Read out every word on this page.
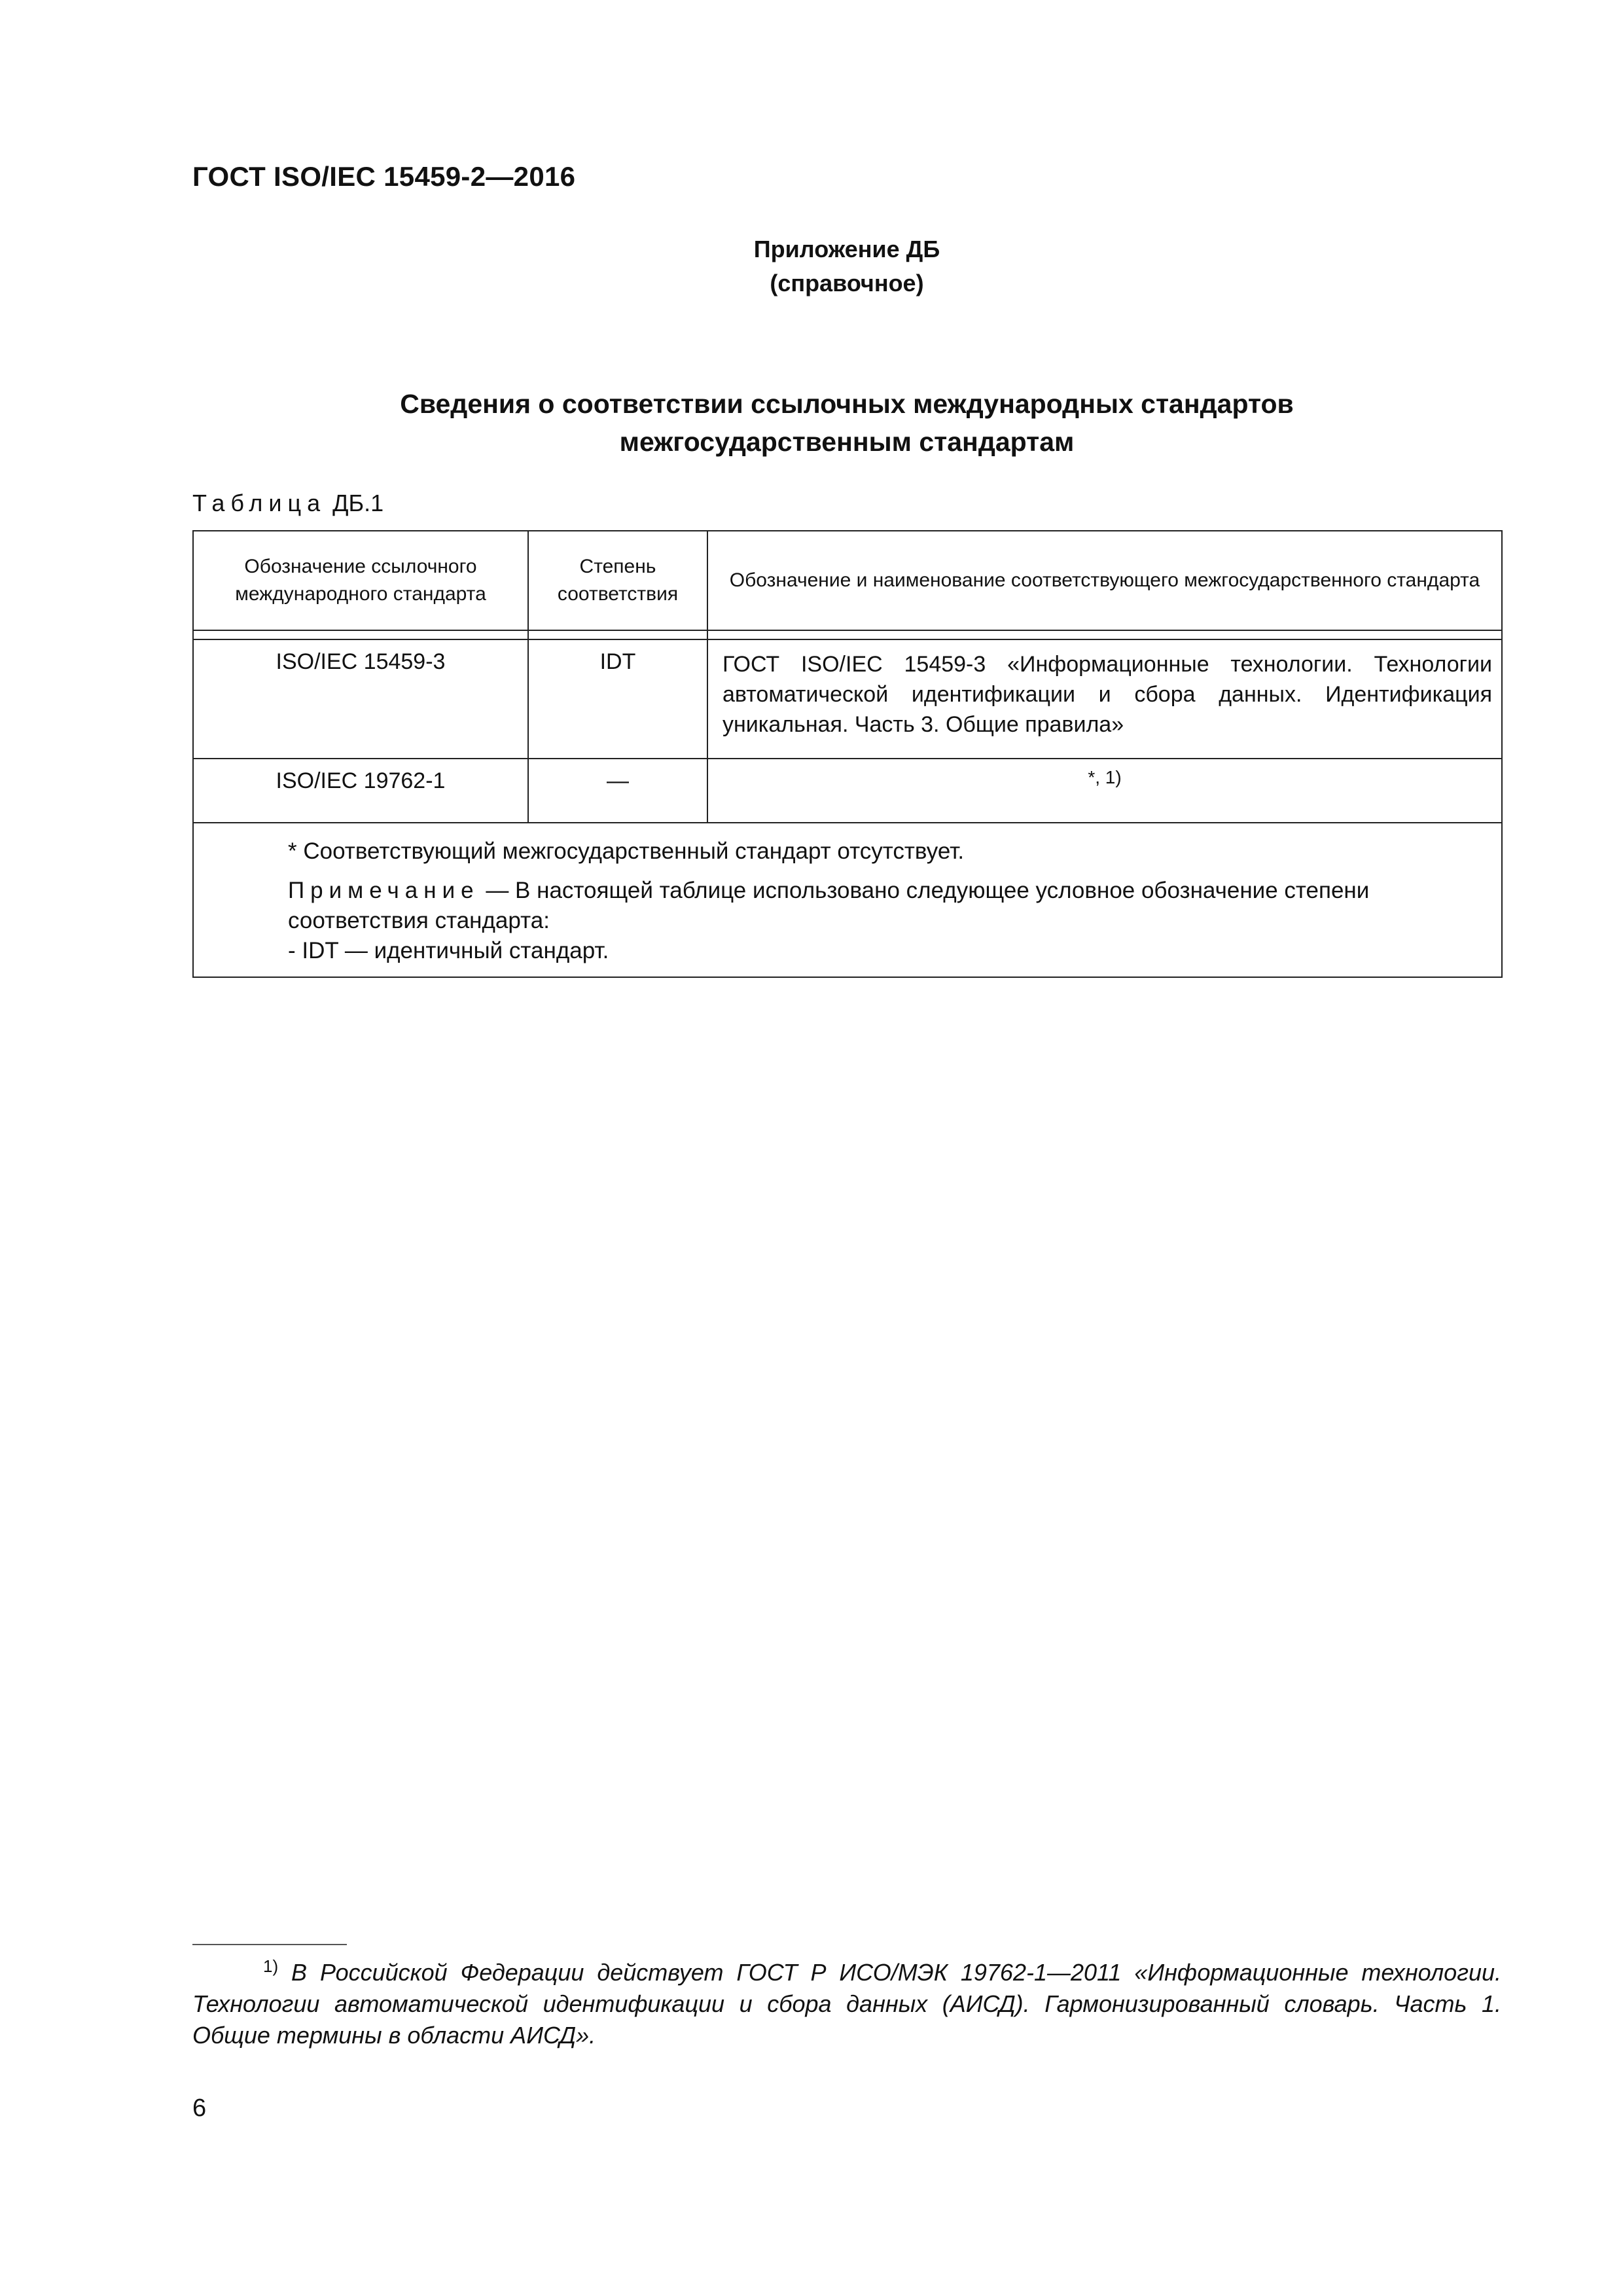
ГОСТ ISO/IEC 15459-2—2016
Приложение ДБ
(справочное)
Сведения о соответствии ссылочных международных стандартов
межгосударственным стандартам
Таблица ДБ.1
Обозначение ссылочного международного стандарта	Степень соответствия	Обозначение и наименование соответствующего межгосударственного стандарта

ISO/IEC 15459-3	IDT	ГОСТ ISO/IEC 15459-3 «Информационные технологии. Технологии автоматической идентификации и сбора данных. Идентификация уникальная. Часть 3. Общие правила»
ISO/IEC 19762-1	—	*, 1)

* Соответствующий межгосударственный стандарт отсутствует.

Примечание — В настоящей таблице использовано следующее условное обозначение степени соответствия стандарта:

- IDT — идентичный стандарт.		

$^{1)}$ В Российской Федерации действует ГОСТ Р ИСО/МЭК 19762-1—2011 «Информационные технологии. Технологии автоматической идентификации и сбора данных (АИСД). Гармонизированный словарь. Часть 1. Общие термины в области АИСД».
6
